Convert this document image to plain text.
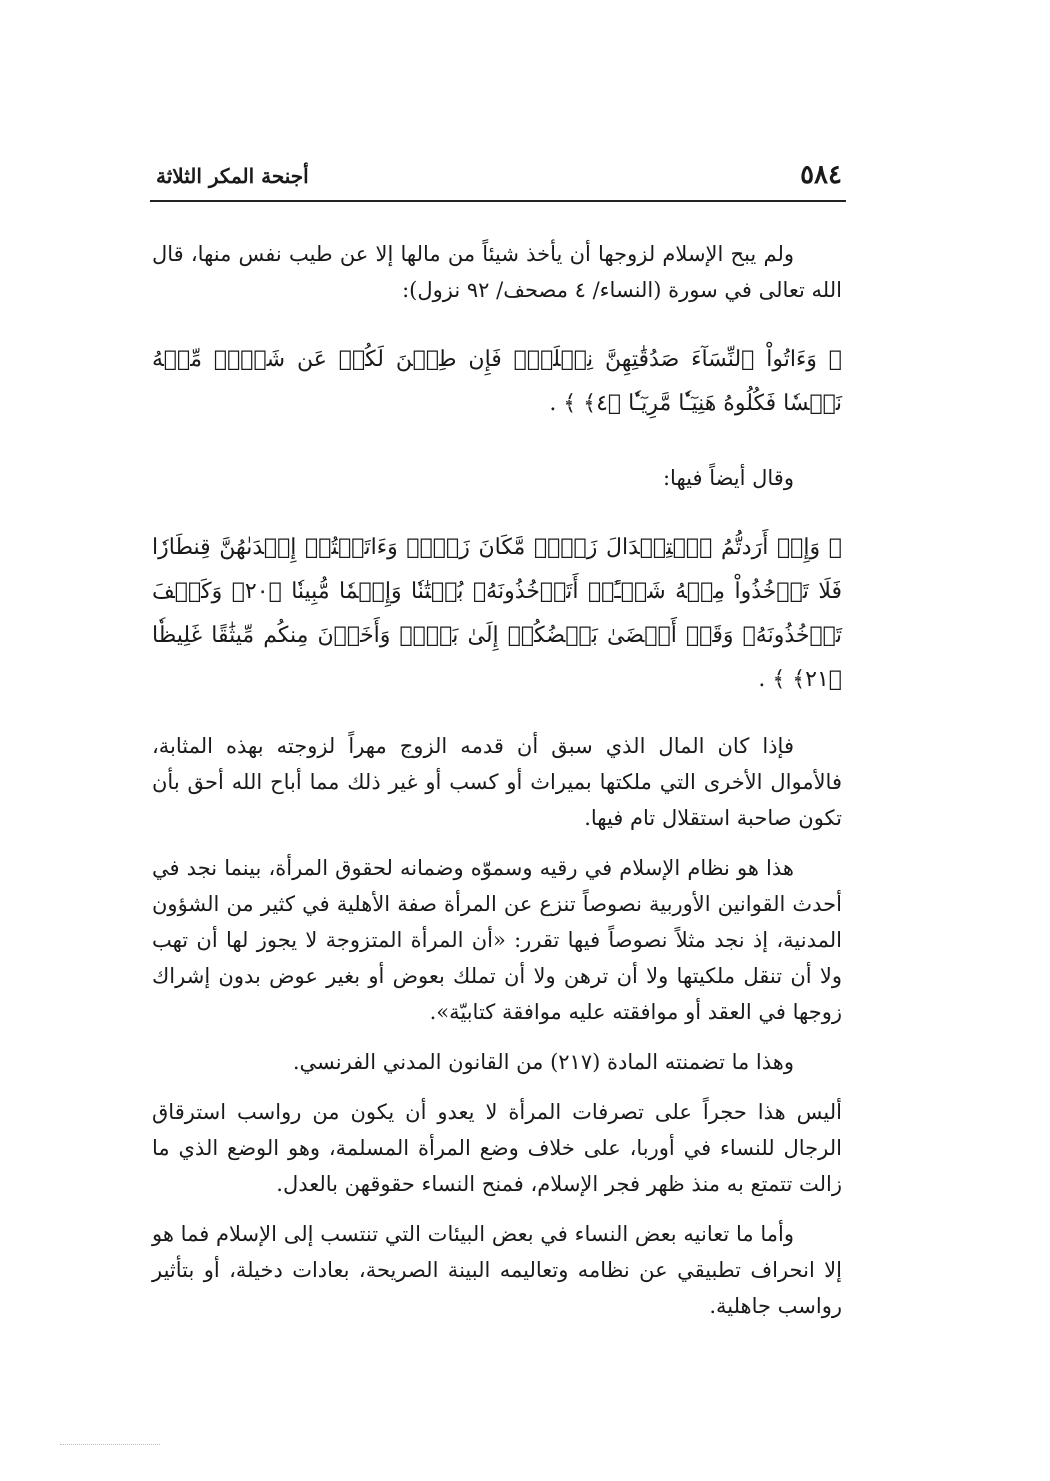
٥٨٤
أجنحة المكر الثلاثة

ولم يبح الإسلام لزوجها أن يأخذ شيئاً من مالها إلا عن طيب نفس منها، قال الله تعالى في سورة (النساء/ ٤ مصحف/ ٩٢ نزول):

﴿ وَءَاتُواْ ٱلنِّسَآءَ صَدُقَٰتِهِنَّ نِحۡلَةٗۚ فَإِن طِبۡنَ لَكُمۡ عَن شَيۡءٖ مِّنۡهُ نَفۡسٗا فَكُلُوهُ هَنِيٓـٔٗا مَّرِيٓـٔٗا ﴿٤﴾ ﴾ .

وقال أيضاً فيها:

﴿ وَإِنۡ أَرَدتُّمُ ٱسۡتِبۡدَالَ زَوۡجٖ مَّكَانَ زَوۡجٖ وَءَاتَيۡتُمۡ إِحۡدَىٰهُنَّ قِنطَارٗا فَلَا تَأۡخُذُواْ مِنۡهُ شَيۡـًٔاۚ أَتَأۡخُذُونَهُۥ بُهۡتَٰنٗا وَإِثۡمٗا مُّبِينٗا ﴿٢٠﴾ وَكَيۡفَ تَأۡخُذُونَهُۥ وَقَدۡ أَفۡضَىٰ بَعۡضُكُمۡ إِلَىٰ بَعۡضٖ وَأَخَذۡنَ مِنكُم مِّيثَٰقًا غَلِيظٗا ﴿٢١﴾ ﴾ .

فإذا كان المال الذي سبق أن قدمه الزوج مهراً لزوجته بهذه المثابة، فالأموال الأخرى التي ملكتها بميراث أو كسب أو غير ذلك مما أباح الله أحق بأن تكون صاحبة استقلال تام فيها.

هذا هو نظام الإسلام في رقيه وسموّه وضمانه لحقوق المرأة، بينما نجد في أحدث القوانين الأوربية نصوصاً تنزع عن المرأة صفة الأهلية في كثير من الشؤون المدنية، إذ نجد مثلاً نصوصاً فيها تقرر: «أن المرأة المتزوجة لا يجوز لها أن تهب ولا أن تنقل ملكيتها ولا أن ترهن ولا أن تملك بعوض أو بغير عوض بدون إشراك زوجها في العقد أو موافقته عليه موافقة كتابيّة».

وهذا ما تضمنته المادة (٢١٧) من القانون المدني الفرنسي.

أليس هذا حجراً على تصرفات المرأة لا يعدو أن يكون من رواسب استرقاق الرجال للنساء في أوربا، على خلاف وضع المرأة المسلمة، وهو الوضع الذي ما زالت تتمتع به منذ ظهر فجر الإسلام، فمنح النساء حقوقهن بالعدل.

وأما ما تعانيه بعض النساء في بعض البيئات التي تنتسب إلى الإسلام فما هو إلا انحراف تطبيقي عن نظامه وتعاليمه البينة الصريحة، بعادات دخيلة، أو بتأثير رواسب جاهلية.
